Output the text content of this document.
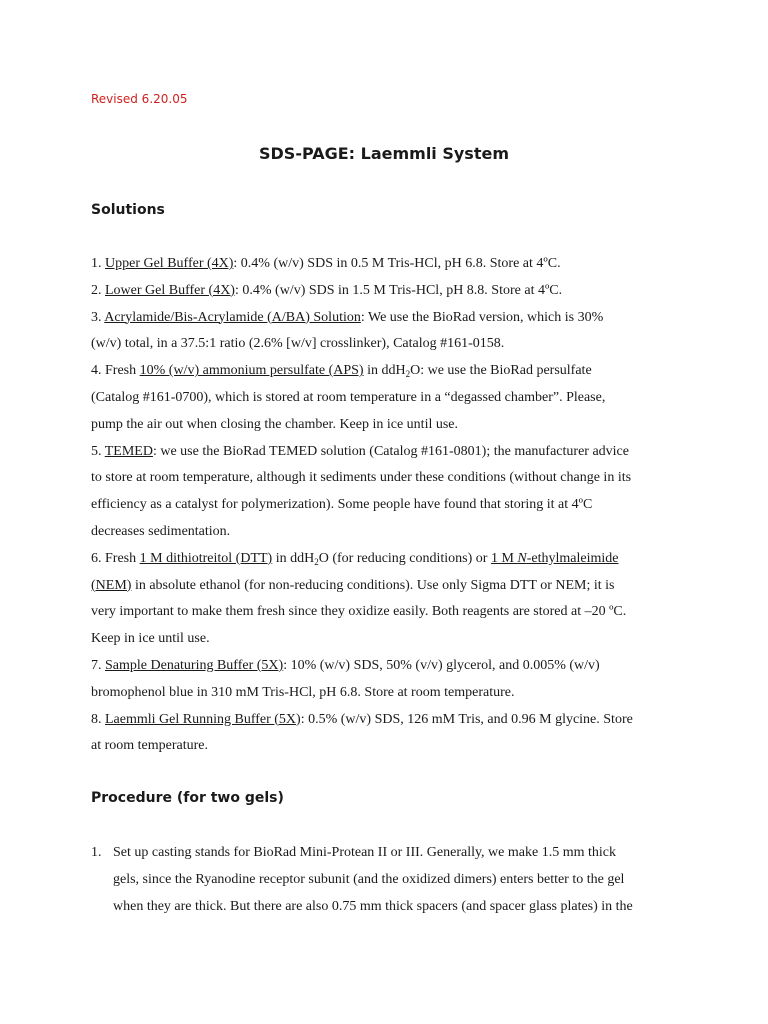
Revised 6.20.05
SDS-PAGE: Laemmli System
Solutions
1. Upper Gel Buffer (4X): 0.4% (w/v) SDS in 0.5 M Tris-HCl, pH 6.8. Store at 4ºC.
2. Lower Gel Buffer (4X): 0.4% (w/v) SDS in 1.5 M Tris-HCl, pH 8.8. Store at 4ºC.
3. Acrylamide/Bis-Acrylamide (A/BA) Solution: We use the BioRad version, which is 30%
(w/v) total, in a 37.5:1 ratio (2.6% [w/v] crosslinker), Catalog #161-0158.
4. Fresh 10% (w/v) ammonium persulfate (APS) in ddH$_2$O: we use the BioRad persulfate
(Catalog #161-0700), which is stored at room temperature in a “degassed chamber”. Please,
pump the air out when closing the chamber. Keep in ice until use.
5. TEMED: we use the BioRad TEMED solution (Catalog #161-0801); the manufacturer advice
to store at room temperature, although it sediments under these conditions (without change in its
efficiency as a catalyst for polymerization). Some people have found that storing it at 4ºC
decreases sedimentation.
6. Fresh 1 M dithiotreitol (DTT) in ddH$_2$O (for reducing conditions) or 1 M N-ethylmaleimide
(NEM) in absolute ethanol (for non-reducing conditions). Use only Sigma DTT or NEM; it is
very important to make them fresh since they oxidize easily. Both reagents are stored at –20 ºC.
Keep in ice until use.
7. Sample Denaturing Buffer (5X): 10% (w/v) SDS, 50% (v/v) glycerol, and 0.005% (w/v)
bromophenol blue in 310 mM Tris-HCl, pH 6.8. Store at room temperature.
8. Laemmli Gel Running Buffer (5X): 0.5% (w/v) SDS, 126 mM Tris, and 0.96 M glycine. Store
at room temperature.
Procedure (for two gels)
1. Set up casting stands for BioRad Mini-Protean II or III. Generally, we make 1.5 mm thick
gels, since the Ryanodine receptor subunit (and the oxidized dimers) enters better to the gel
when they are thick. But there are also 0.75 mm thick spacers (and spacer glass plates) in the
